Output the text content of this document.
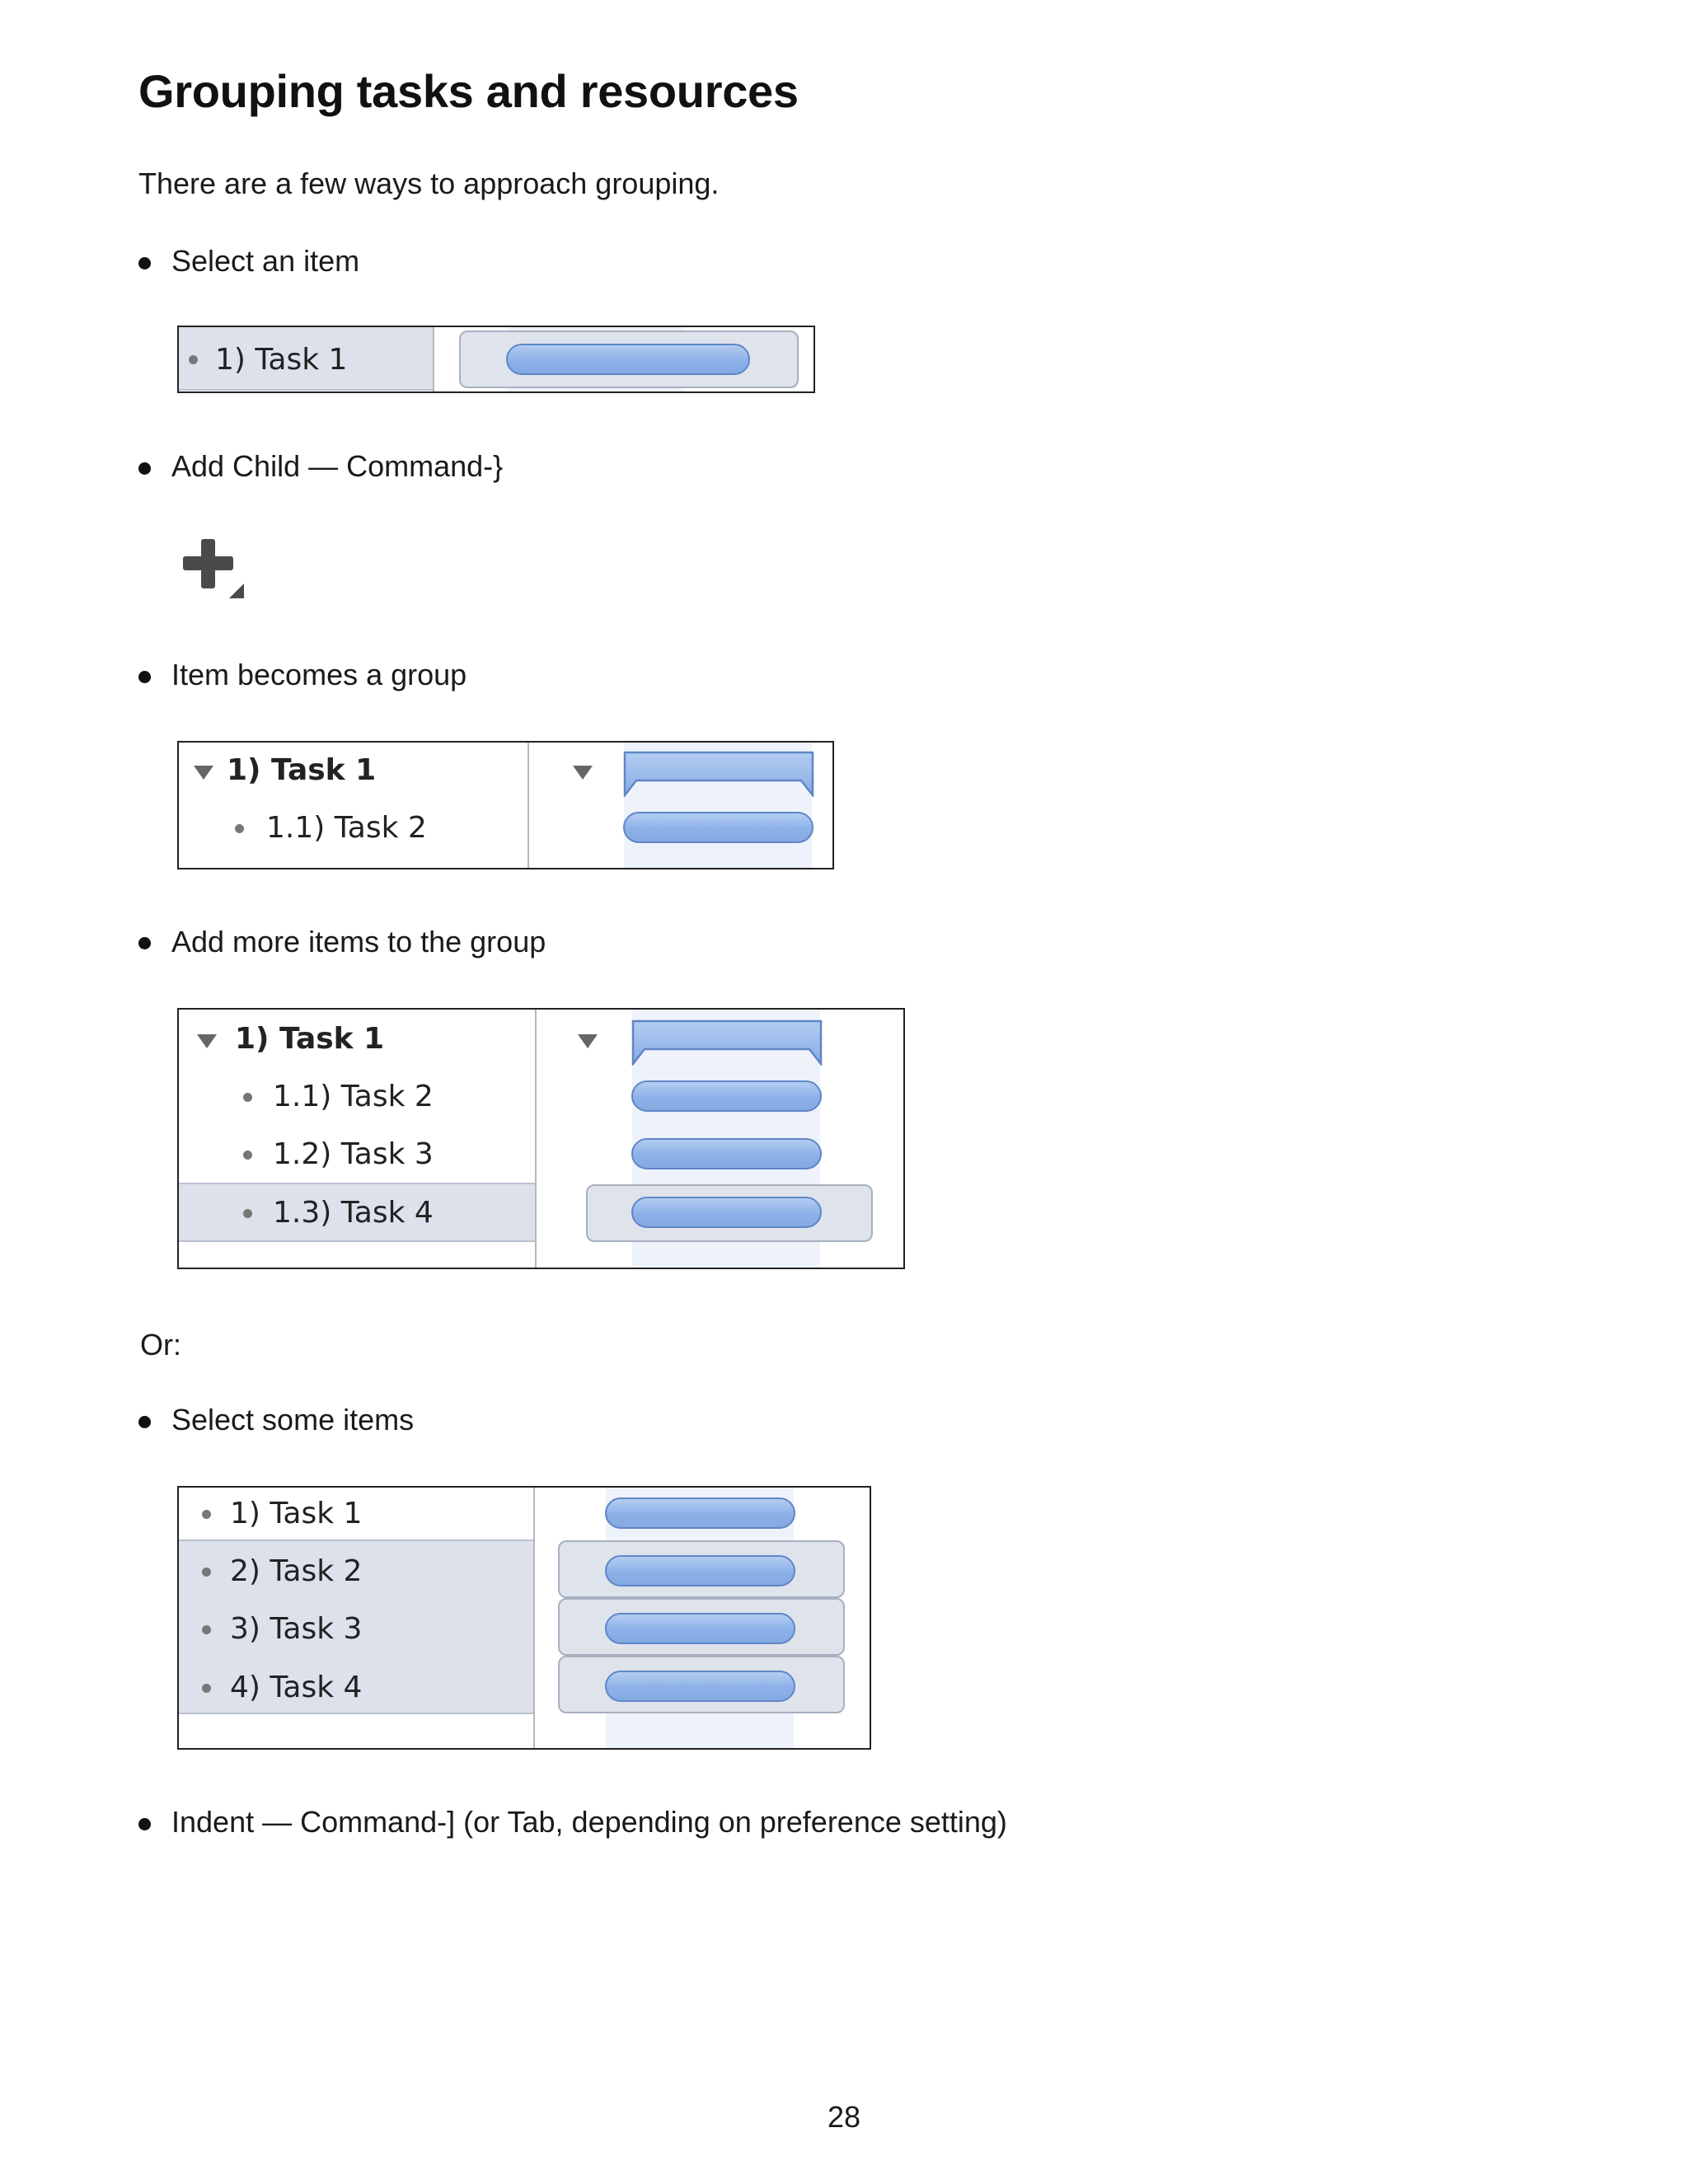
Grouping tasks and resources
There are a few ways to approach grouping.
Select an item
1) Task 1
Add Child — Command-}
Item becomes a group
1) Task 1
1.1) Task 2
Add more items to the group
1) Task 1
1.1) Task 2
1.2) Task 3
1.3) Task 4
Or:
Select some items
1) Task 1
2) Task 2
3) Task 3
4) Task 4
Indent — Command-] (or Tab, depending on preference setting)
28
